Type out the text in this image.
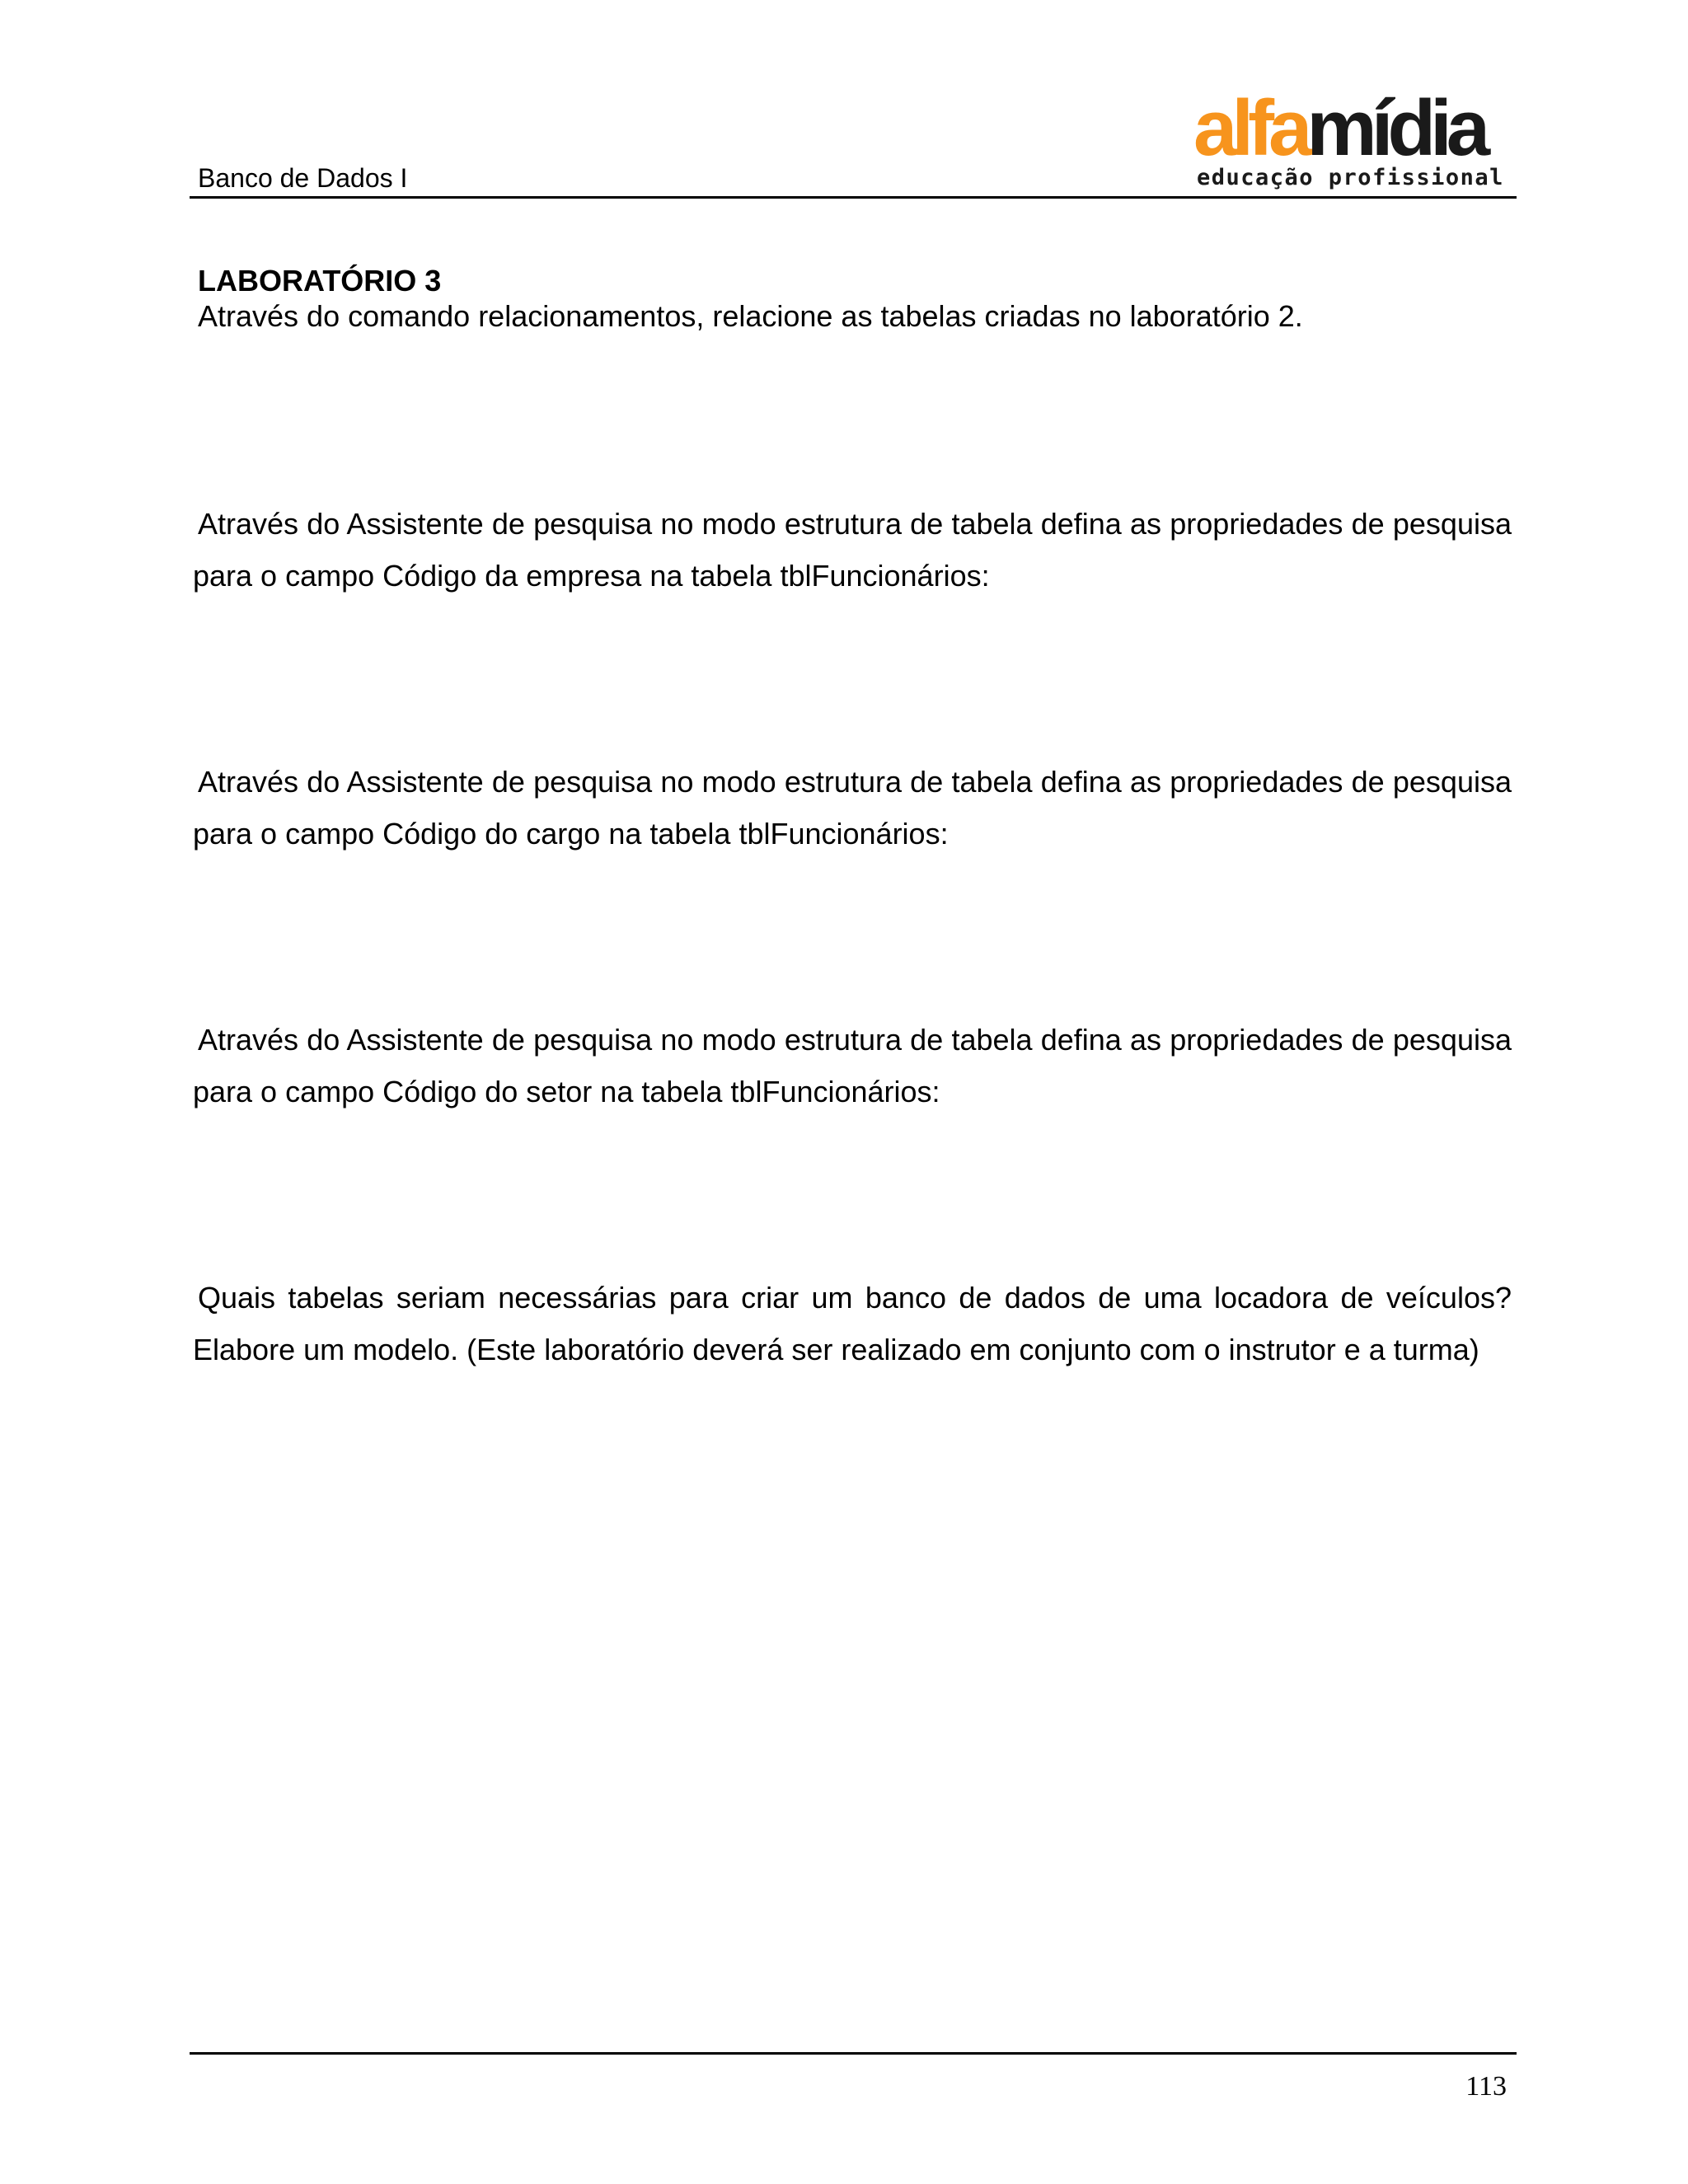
Banco de Dados I
alfamídia
educação profissional
LABORATÓRIO 3
Através do comando relacionamentos, relacione as tabelas criadas no laboratório 2.
Através do Assistente de pesquisa no modo estrutura de tabela defina as propriedades de pesquisa para o campo Código da empresa na tabela tblFuncionários:
Através do Assistente de pesquisa no modo estrutura de tabela defina as propriedades de pesquisa para o campo Código do cargo na tabela tblFuncionários:
Através do Assistente de pesquisa no modo estrutura de tabela defina as propriedades de pesquisa para o campo Código do setor na tabela tblFuncionários:
Quais tabelas seriam necessárias para criar um banco de dados de uma locadora de veículos? Elabore um modelo. (Este laboratório deverá ser realizado em conjunto com o instrutor e a turma)
113
